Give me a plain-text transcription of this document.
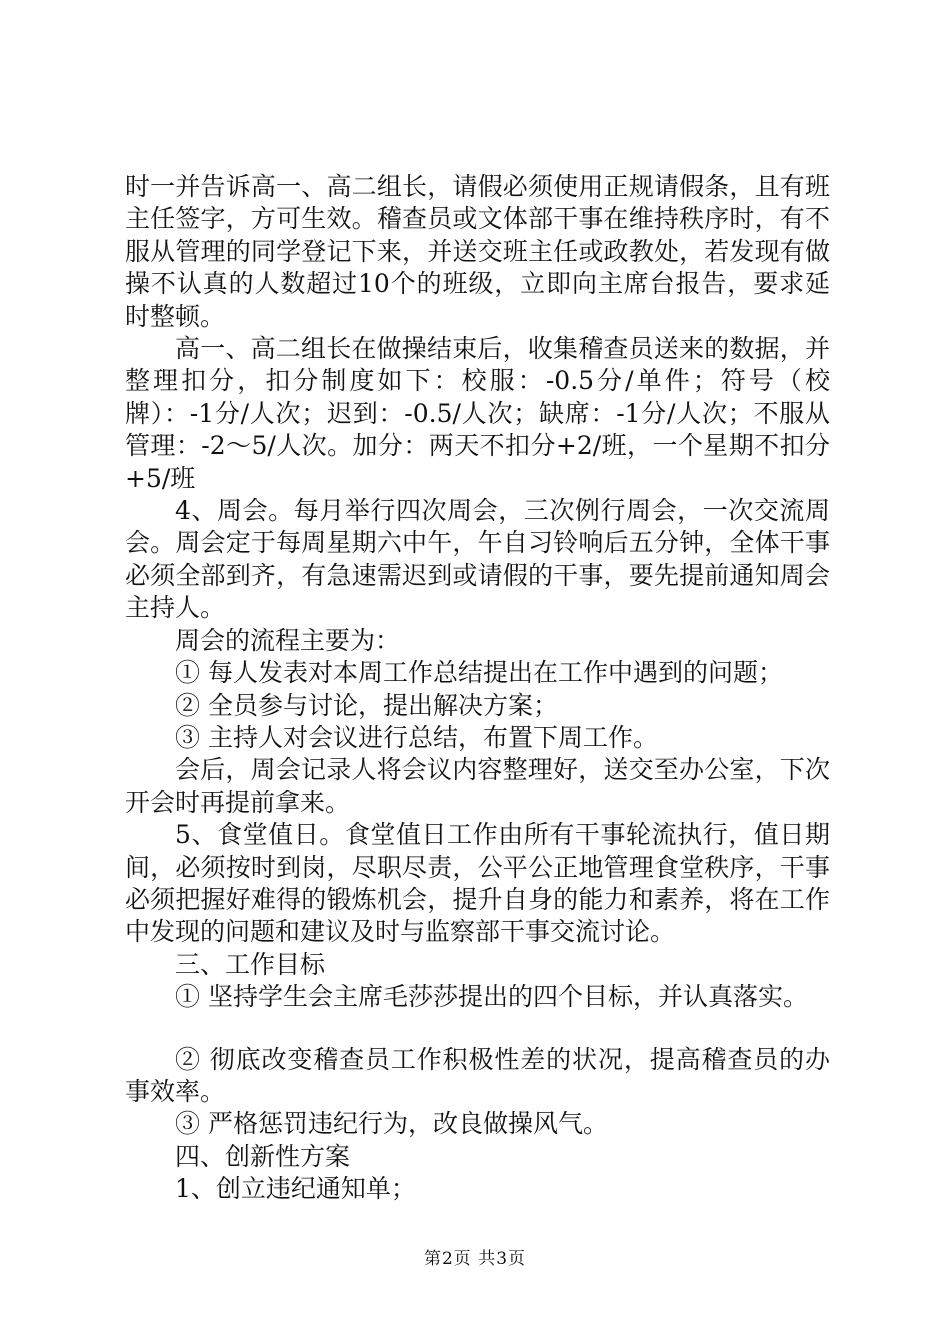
时一并告诉高一、高二组长，请假必须使用正规请假条，且有班主任签字，方可生效。稽查员或文体部干事在维持秩序时，有不服从管理的同学登记下来，并送交班主任或政教处，若发现有做操不认真的人数超过10个的班级，立即向主席台报告，要求延时整顿。

高一、高二组长在做操结束后，收集稽查员送来的数据，并整理扣分，扣分制度如下：校服：-0.5分/单件；符号（校牌）：-1分/人次；迟到：-0.5/人次；缺席：-1分/人次；不服从管理：-2～5/人次。加分：两天不扣分+2/班，一个星期不扣分+5/班

4、周会。每月举行四次周会，三次例行周会，一次交流周会。周会定于每周星期六中午，午自习铃响后五分钟，全体干事必须全部到齐，有急速需迟到或请假的干事，要先提前通知周会主持人。

周会的流程主要为：

① 每人发表对本周工作总结提出在工作中遇到的问题；

② 全员参与讨论，提出解决方案；

③ 主持人对会议进行总结，布置下周工作。

会后，周会记录人将会议内容整理好，送交至办公室，下次开会时再提前拿来。

5、食堂值日。食堂值日工作由所有干事轮流执行，值日期间，必须按时到岗，尽职尽责，公平公正地管理食堂秩序，干事必须把握好难得的锻炼机会，提升自身的能力和素养，将在工作中发现的问题和建议及时与监察部干事交流讨论。

三、工作目标

① 坚持学生会主席毛莎莎提出的四个目标，并认真落实。

② 彻底改变稽查员工作积极性差的状况，提高稽查员的办事效率。

③ 严格惩罚违纪行为，改良做操风气。

四、创新性方案

1、创立违纪通知单；

第2页 共3页
